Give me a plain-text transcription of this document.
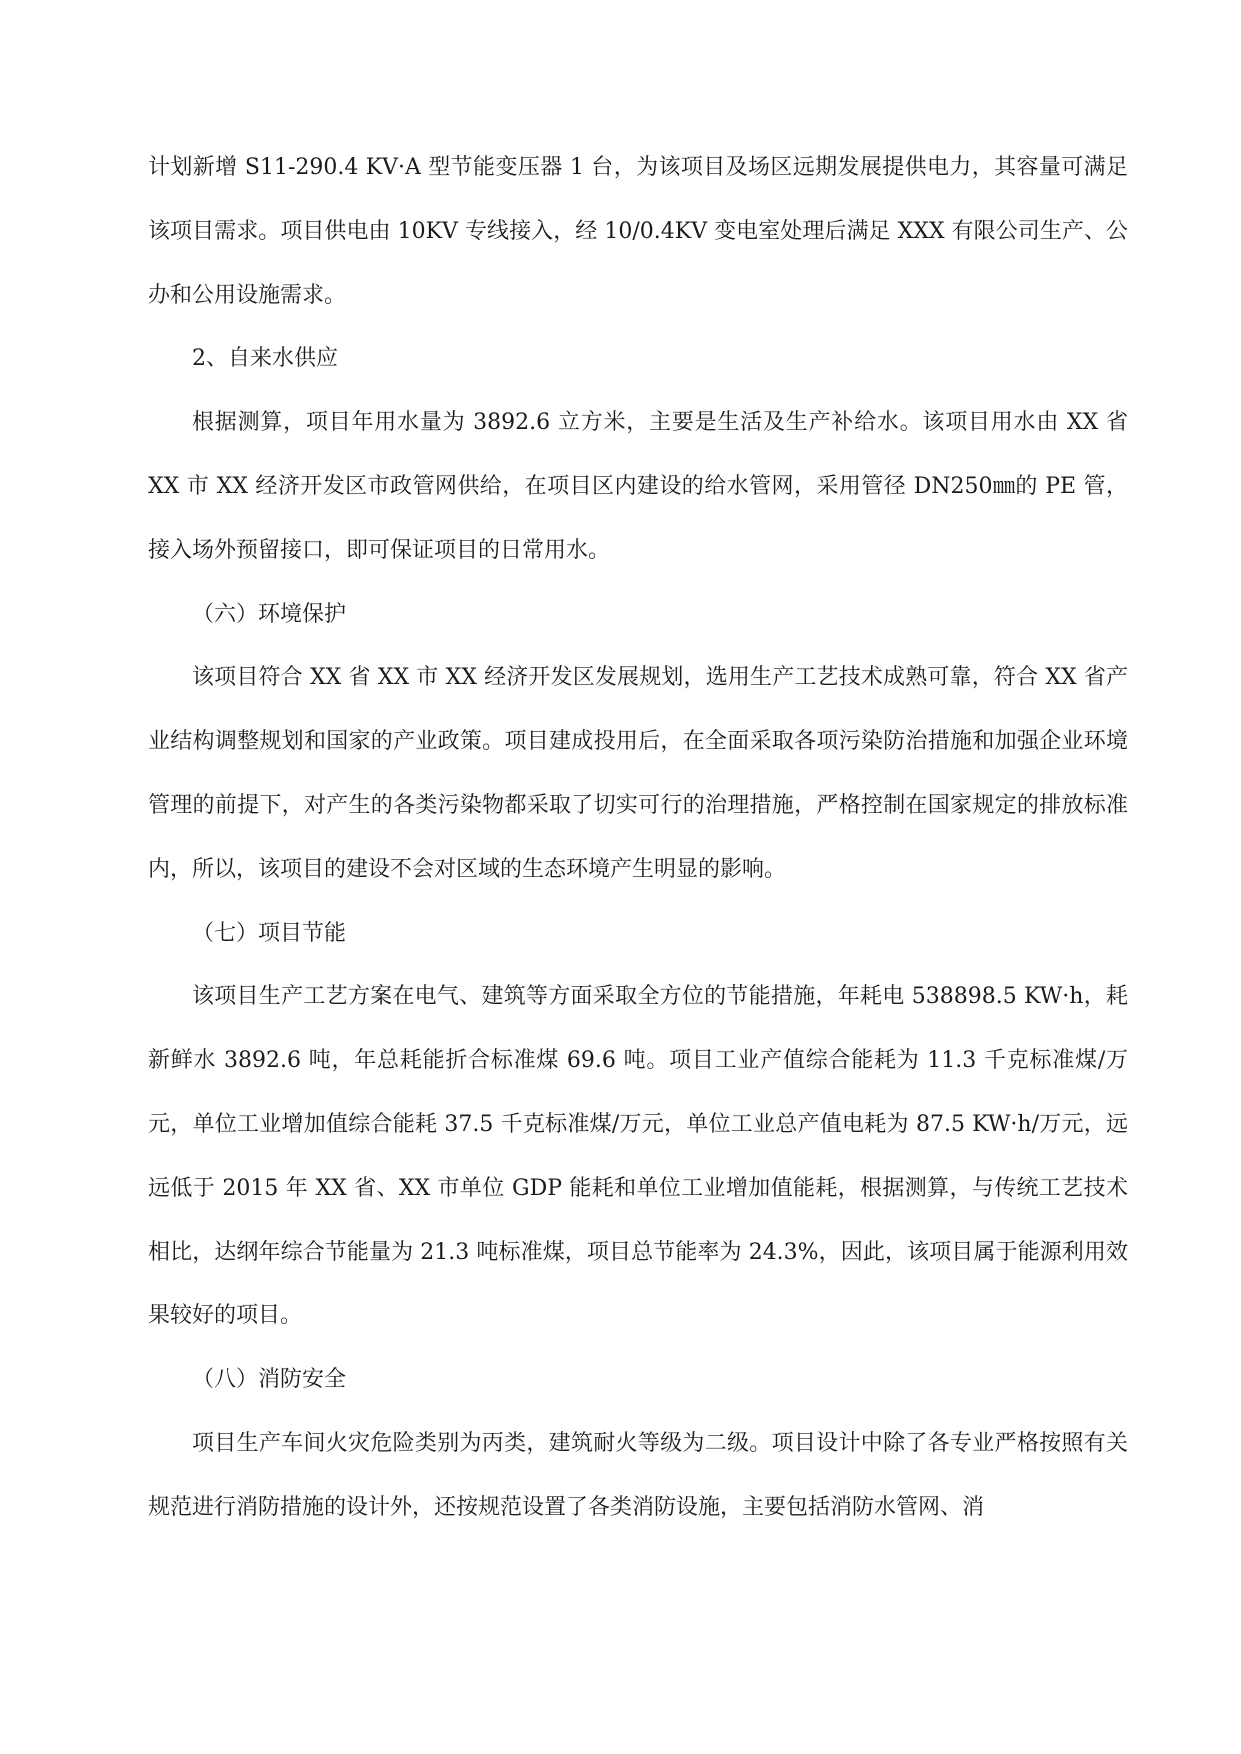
计划新增 S11-290.4 KV·A 型节能变压器 1 台，为该项目及场区远期发展提供电力，其容量可满足该项目需求。项目供电由 10KV 专线接入，经 10/0.4KV 变电室处理后满足 XXX 有限公司生产、公办和公用设施需求。

2、自来水供应

根据测算，项目年用水量为 3892.6 立方米，主要是生活及生产补给水。该项目用水由 XX 省 XX 市 XX 经济开发区市政管网供给，在项目区内建设的给水管网，采用管径 DN250㎜的 PE 管，接入场外预留接口，即可保证项目的日常用水。

（六）环境保护

该项目符合 XX 省 XX 市 XX 经济开发区发展规划，选用生产工艺技术成熟可靠，符合 XX 省产业结构调整规划和国家的产业政策。项目建成投用后，在全面采取各项污染防治措施和加强企业环境管理的前提下，对产生的各类污染物都采取了切实可行的治理措施，严格控制在国家规定的排放标准内，所以，该项目的建设不会对区域的生态环境产生明显的影响。

（七）项目节能

该项目生产工艺方案在电气、建筑等方面采取全方位的节能措施，年耗电 538898.5 KW·h，耗新鲜水 3892.6 吨，年总耗能折合标准煤 69.6 吨。项目工业产值综合能耗为 11.3 千克标准煤/万元，单位工业增加值综合能耗 37.5 千克标准煤/万元，单位工业总产值电耗为 87.5 KW·h/万元，远远低于 2015 年 XX 省、XX 市单位 GDP 能耗和单位工业增加值能耗，根据测算，与传统工艺技术相比，达纲年综合节能量为 21.3 吨标准煤，项目总节能率为 24.3%，因此，该项目属于能源利用效果较好的项目。

（八）消防安全

项目生产车间火灾危险类别为丙类，建筑耐火等级为二级。项目设计中除了各专业严格按照有关规范进行消防措施的设计外，还按规范设置了各类消防设施，主要包括消防水管网、消
